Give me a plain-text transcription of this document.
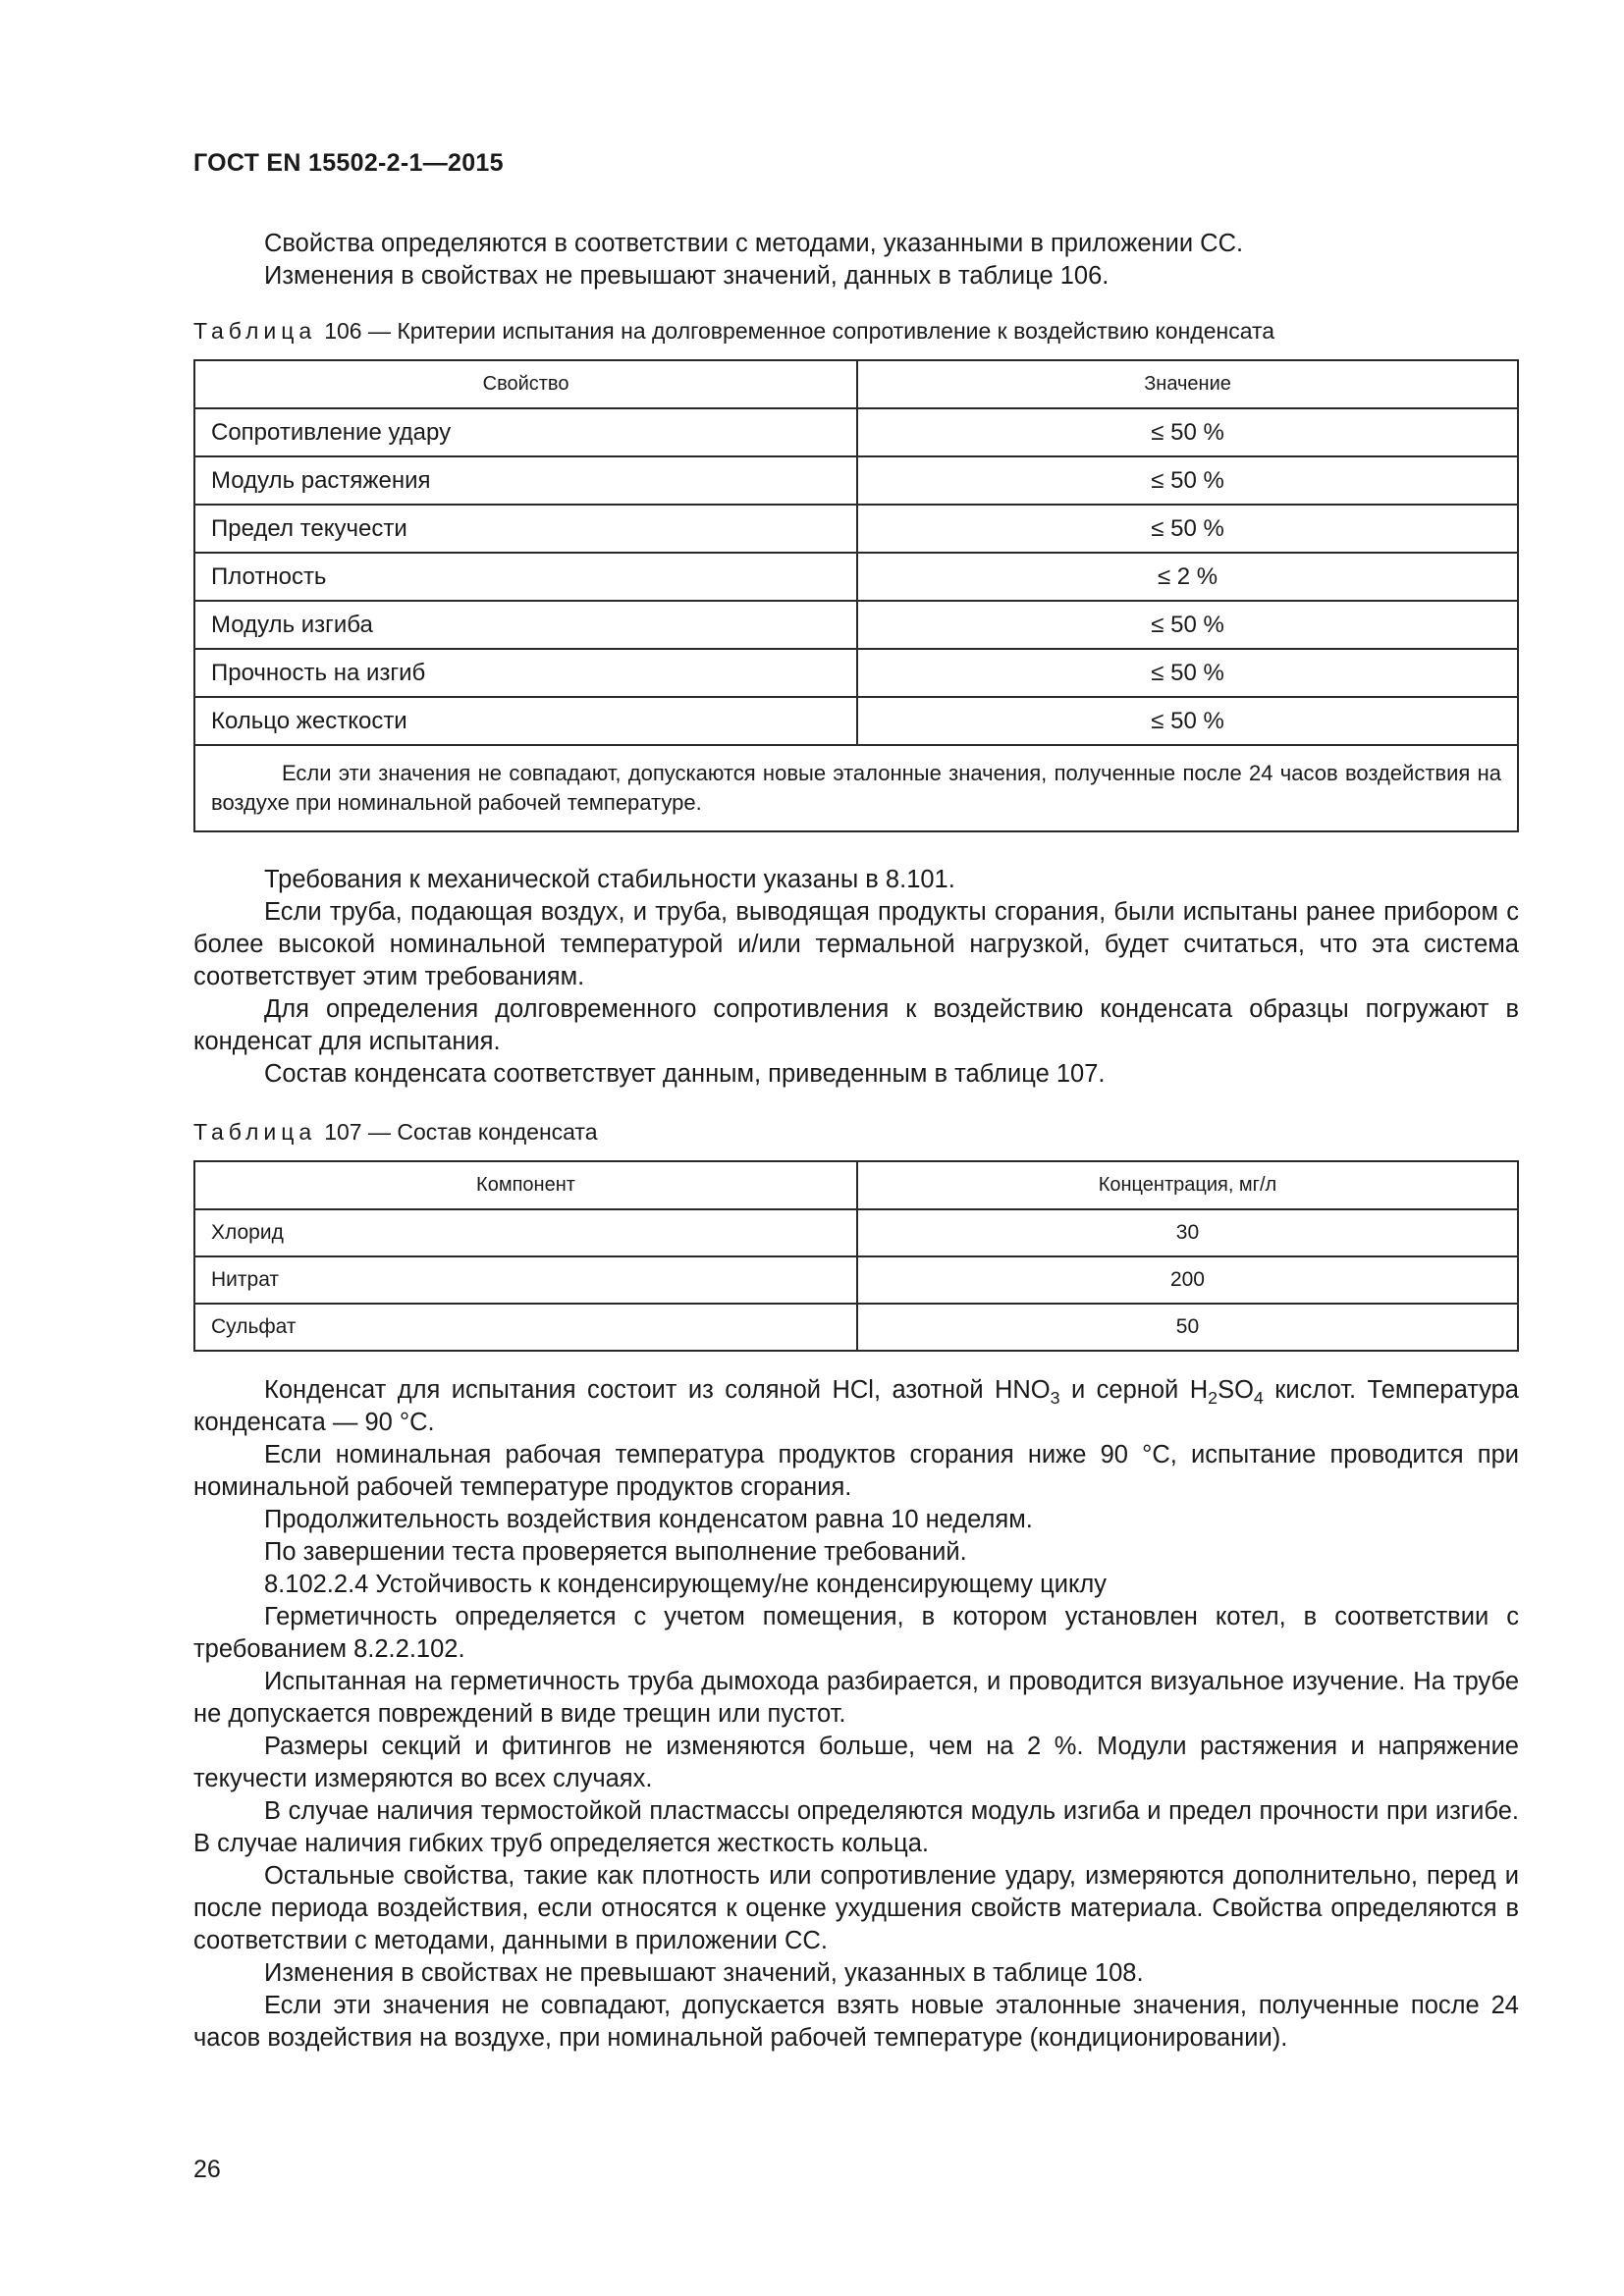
ГОСТ EN 15502-2-1—2015

Свойства определяются в соответствии с методами, указанными в приложении СС.

Изменения в свойствах не превышают значений, данных в таблице 106.

Таблица 106 — Критерии испытания на долговременное сопротивление к воздействию конденсата
Свойство	Значение
Сопротивление удару	≤ 50 %
Модуль растяжения	≤ 50 %
Предел текучести	≤ 50 %
Плотность	≤ 2 %
Модуль изгиба	≤ 50 %
Прочность на изгиб	≤ 50 %
Кольцо жесткости	≤ 50 %
Если эти значения не совпадают, допускаются новые эталонные значения, полученные после 24 часов воздействия на воздухе при номинальной рабочей температуре.	

Требования к механической стабильности указаны в 8.101.

Если труба, подающая воздух, и труба, выводящая продукты сгорания, были испытаны ранее прибором с более высокой номинальной температурой и/или термальной нагрузкой, будет считаться, что эта система соответствует этим требованиям.

Для определения долговременного сопротивления к воздействию конденсата образцы погружают в конденсат для испытания.

Состав конденсата соответствует данным, приведенным в таблице 107.

Таблица 107 — Состав конденсата
Компонент	Концентрация, мг/л
Хлорид	30
Нитрат	200
Сульфат	50

Конденсат для испытания состоит из соляной HCl, азотной $HNO_3$ и серной $H_2SO_4$ кислот. Температура конденсата — 90 °C.

Если номинальная рабочая температура продуктов сгорания ниже 90 °C, испытание проводится при номинальной рабочей температуре продуктов сгорания.

Продолжительность воздействия конденсатом равна 10 неделям.

По завершении теста проверяется выполнение требований.

8.102.2.4 Устойчивость к конденсирующему/не конденсирующему циклу

Герметичность определяется с учетом помещения, в котором установлен котел, в соответствии с требованием 8.2.2.102.

Испытанная на герметичность труба дымохода разбирается, и проводится визуальное изучение. На трубе не допускается повреждений в виде трещин или пустот.

Размеры секций и фитингов не изменяются больше, чем на 2 %. Модули растяжения и напряжение текучести измеряются во всех случаях.

В случае наличия термостойкой пластмассы определяются модуль изгиба и предел прочности при изгибе. В случае наличия гибких труб определяется жесткость кольца.

Остальные свойства, такие как плотность или сопротивление удару, измеряются дополнительно, перед и после периода воздействия, если относятся к оценке ухудшения свойств материала. Свойства определяются в соответствии с методами, данными в приложении СС.

Изменения в свойствах не превышают значений, указанных в таблице 108.

Если эти значения не совпадают, допускается взять новые эталонные значения, полученные после 24 часов воздействия на воздухе, при номинальной рабочей температуре (кондиционировании).

26
